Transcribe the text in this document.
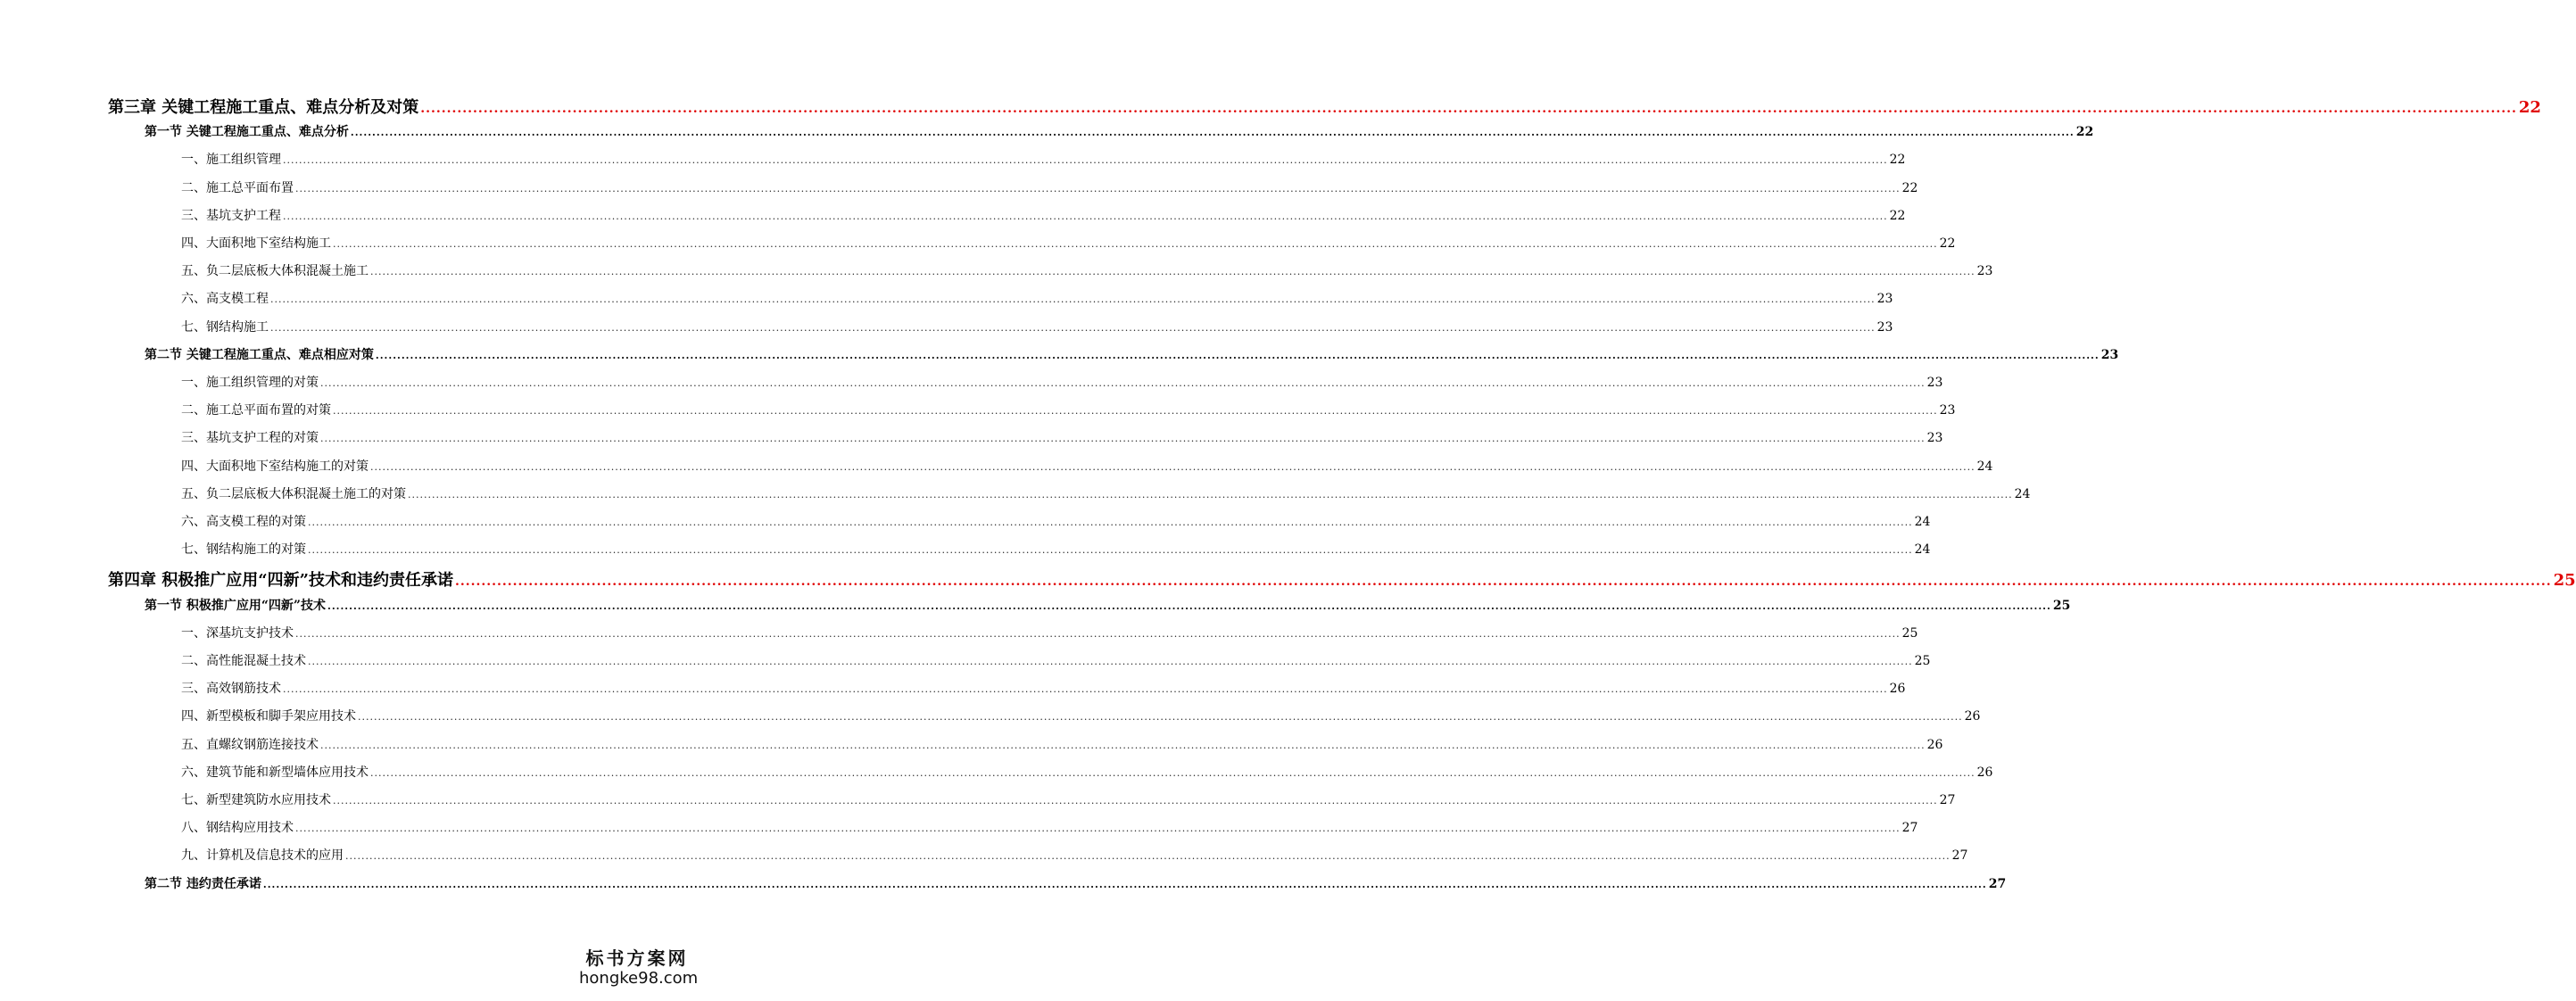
第三章 关键工程施工重点、难点分析及对策 ................................................................................................................................................................................................................................................................................................................................................................................................................ 22
第一节 关键工程施工重点、难点分析 ................................................................................................................................................................................................................................................................................................................................................................................................................ 22
一、施工组织管理 ................................................................................................................................................................................................................................................................................................................................................................................................................ 22
二、施工总平面布置 ................................................................................................................................................................................................................................................................................................................................................................................................................ 22
三、基坑支护工程 ................................................................................................................................................................................................................................................................................................................................................................................................................ 22
四、大面积地下室结构施工 ................................................................................................................................................................................................................................................................................................................................................................................................................ 22
五、负二层底板大体积混凝土施工 ................................................................................................................................................................................................................................................................................................................................................................................................................ 23
六、高支模工程 ................................................................................................................................................................................................................................................................................................................................................................................................................ 23
七、钢结构施工 ................................................................................................................................................................................................................................................................................................................................................................................................................ 23
第二节 关键工程施工重点、难点相应对策 ................................................................................................................................................................................................................................................................................................................................................................................................................ 23
一、施工组织管理的对策 ................................................................................................................................................................................................................................................................................................................................................................................................................ 23
二、施工总平面布置的对策 ................................................................................................................................................................................................................................................................................................................................................................................................................ 23
三、基坑支护工程的对策 ................................................................................................................................................................................................................................................................................................................................................................................................................ 23
四、大面积地下室结构施工的对策 ................................................................................................................................................................................................................................................................................................................................................................................................................ 24
五、负二层底板大体积混凝土施工的对策 ................................................................................................................................................................................................................................................................................................................................................................................................................ 24
六、高支模工程的对策 ................................................................................................................................................................................................................................................................................................................................................................................................................ 24
七、钢结构施工的对策 ................................................................................................................................................................................................................................................................................................................................................................................................................ 24
第四章 积极推广应用“四新”技术和违约责任承诺 ................................................................................................................................................................................................................................................................................................................................................................................................................ 25
第一节 积极推广应用“四新”技术 ................................................................................................................................................................................................................................................................................................................................................................................................................ 25
一、深基坑支护技术 ................................................................................................................................................................................................................................................................................................................................................................................................................ 25
二、高性能混凝土技术 ................................................................................................................................................................................................................................................................................................................................................................................................................ 25
三、高效钢筋技术 ................................................................................................................................................................................................................................................................................................................................................................................................................ 26
四、新型模板和脚手架应用技术 ................................................................................................................................................................................................................................................................................................................................................................................................................ 26
五、直螺纹钢筋连接技术 ................................................................................................................................................................................................................................................................................................................................................................................................................ 26
六、建筑节能和新型墙体应用技术 ................................................................................................................................................................................................................................................................................................................................................................................................................ 26
七、新型建筑防水应用技术 ................................................................................................................................................................................................................................................................................................................................................................................................................ 27
八、钢结构应用技术 ................................................................................................................................................................................................................................................................................................................................................................................................................ 27
九、计算机及信息技术的应用 ................................................................................................................................................................................................................................................................................................................................................................................................................ 27
第二节 违约责任承诺 ................................................................................................................................................................................................................................................................................................................................................................................................................ 27
标书方案网
hongke98.com
